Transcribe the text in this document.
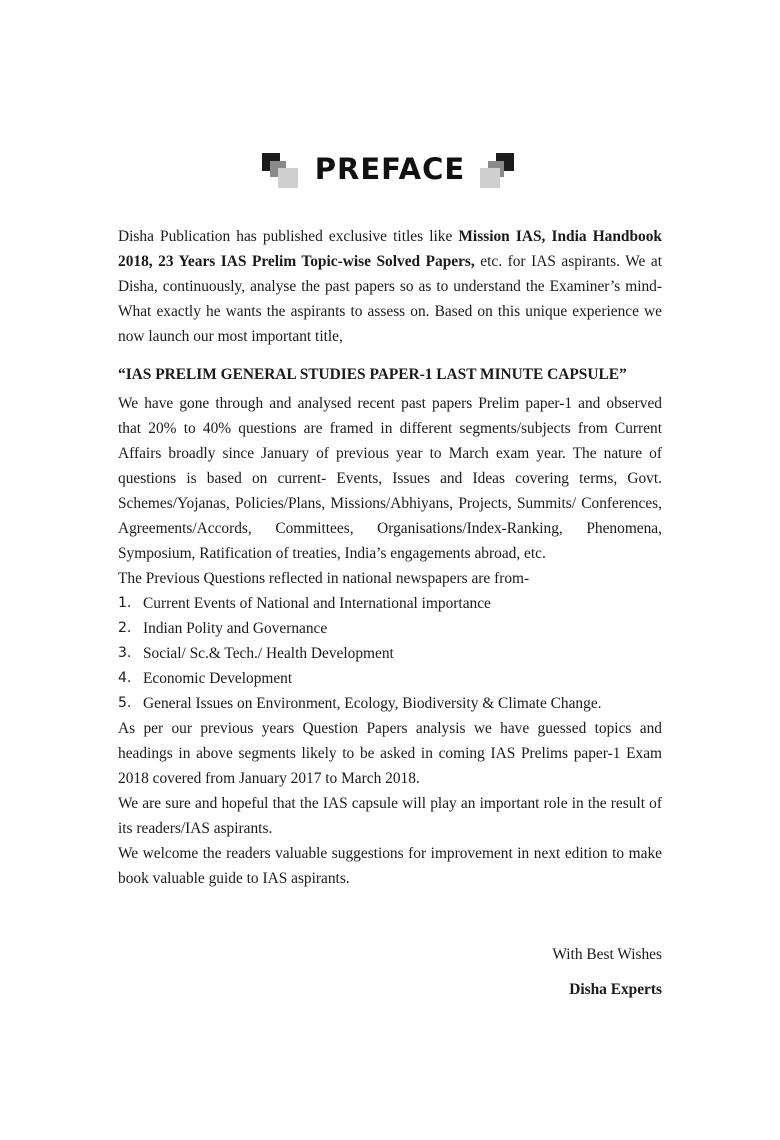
PREFACE

Disha Publication has published exclusive titles like Mission IAS, India Handbook 2018, 23 Years IAS Prelim Topic-wise Solved Papers, etc. for IAS aspirants. We at Disha, continuously, analyse the past papers so as to understand the Examiner’s mind- What exactly he wants the aspirants to assess on. Based on this unique experience we now launch our most important title,

“IAS PRELIM GENERAL STUDIES PAPER-1 LAST MINUTE CAPSULE”

We have gone through and analysed recent past papers Prelim paper-1 and observed that 20% to 40% questions are framed in different segments/subjects from Current Affairs broadly since January of previous year to March exam year. The nature of questions is based on current- Events, Issues and Ideas covering terms, Govt. Schemes/Yojanas, Policies/Plans, Missions/Abhiyans, Projects, Summits/ Conferences, Agreements/Accords, Committees, Organisations/Index-Ranking, Phenomena, Symposium, Ratification of treaties, India’s engagements abroad, etc.

The Previous Questions reflected in national newspapers are from-

1. Current Events of National and International importance
2. Indian Polity and Governance
3. Social/ Sc.& Tech./ Health Development
4. Economic Development
5. General Issues on Environment, Ecology, Biodiversity & Climate Change.

As per our previous years Question Papers analysis we have guessed topics and headings in above segments likely to be asked in coming IAS Prelims paper-1 Exam 2018 covered from January 2017 to March 2018.

We are sure and hopeful that the IAS capsule will play an important role in the result of its readers/IAS aspirants.

We welcome the readers valuable suggestions for improvement in next edition to make book valuable guide to IAS aspirants.

With Best Wishes
Disha Experts
